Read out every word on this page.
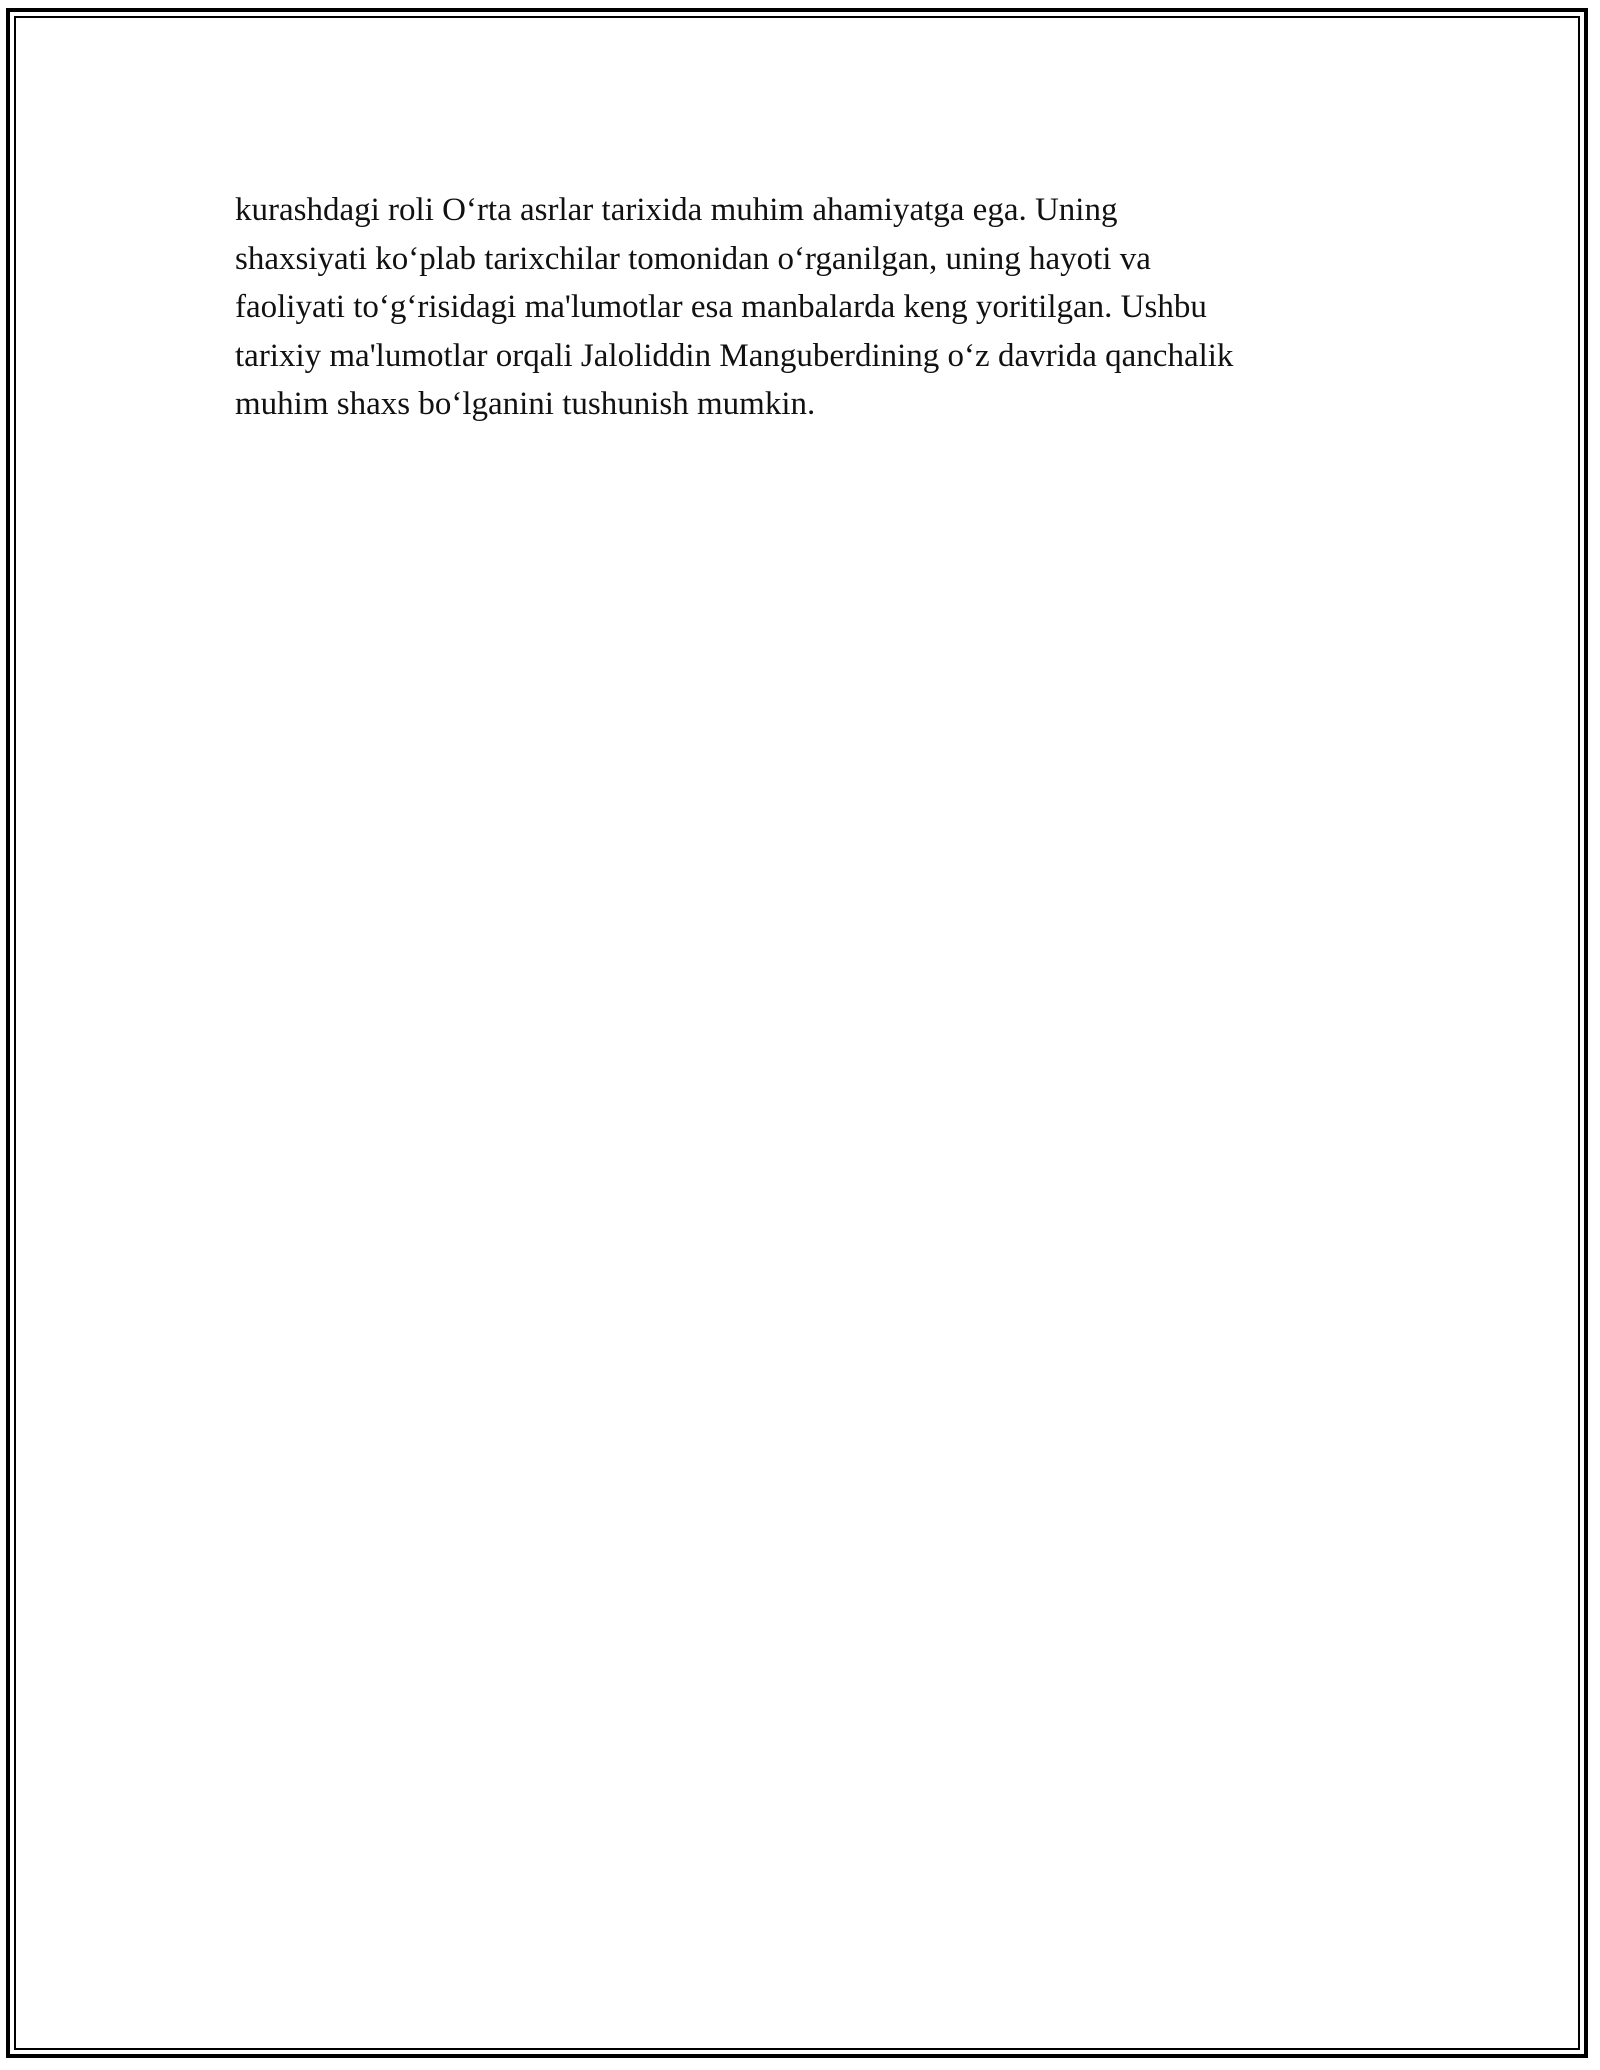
kurashdagi roli O‘rta asrlar tarixida muhim ahamiyatga ega. Uning
shaxsiyati ko‘plab tarixchilar tomonidan o‘rganilgan, uning hayoti va
faoliyati to‘g‘risidagi ma'lumotlar esa manbalarda keng yoritilgan. Ushbu
tarixiy ma'lumotlar orqali Jaloliddin Manguberdining o‘z davrida qanchalik
muhim shaxs bo‘lganini tushunish mumkin.
